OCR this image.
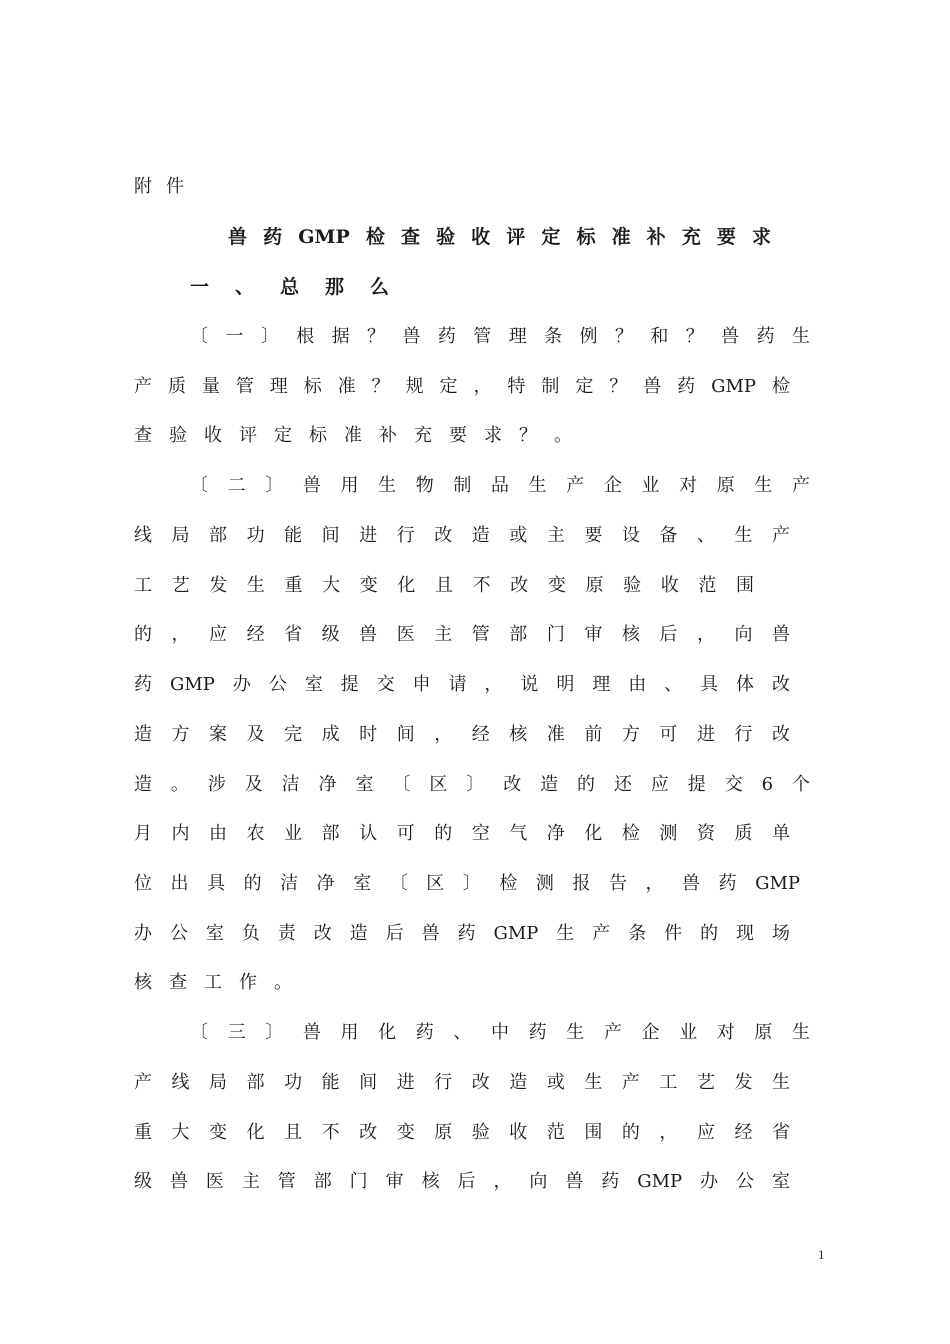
附件
兽药GMP检查验收评定标准补充要求
一、总那么
〔一〕根据？兽药管理条例？和？兽药生
产质量管理标准？规定，特制定？兽药GMP检
查验收评定标准补充要求？。
〔二〕兽用生物制品生产企业对原生产
线局部功能间进行改造或主要设备、生产
工艺发生重大变化且不改变原验收范围
的，应经省级兽医主管部门审核后，向兽
药GMP办公室提交申请，说明理由、具体改
造方案及完成时间，经核准前方可进行改
造。涉及洁净室〔区〕改造的还应提交6个
月内由农业部认可的空气净化检测资质单
位出具的洁净室〔区〕检测报告，兽药GMP
办公室负责改造后兽药GMP生产条件的现场
核查工作。
〔三〕兽用化药、中药生产企业对原生
产线局部功能间进行改造或生产工艺发生
重大变化且不改变原验收范围的，应经省
级兽医主管部门审核后，向兽药GMP办公室
1
